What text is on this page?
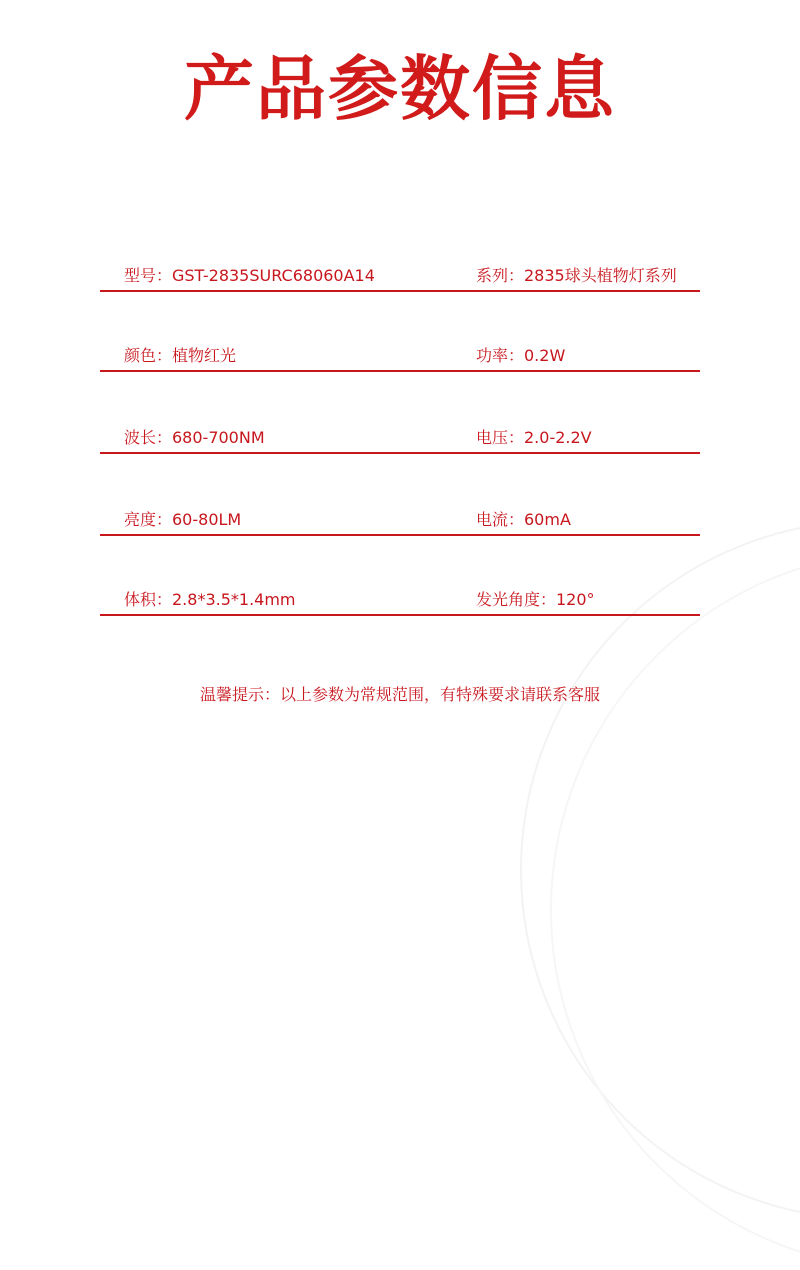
产品参数信息
型号：GST-2835SURC68060A14	系列：2835球头植物灯系列
颜色：植物红光	功率：0.2W
波长：680-700NM	电压：2.0-2.2V
亮度：60-80LM	电流：60mA
体积：2.8*3.5*1.4mm	发光角度：120°
温馨提示：以上参数为常规范围，有特殊要求请联系客服
